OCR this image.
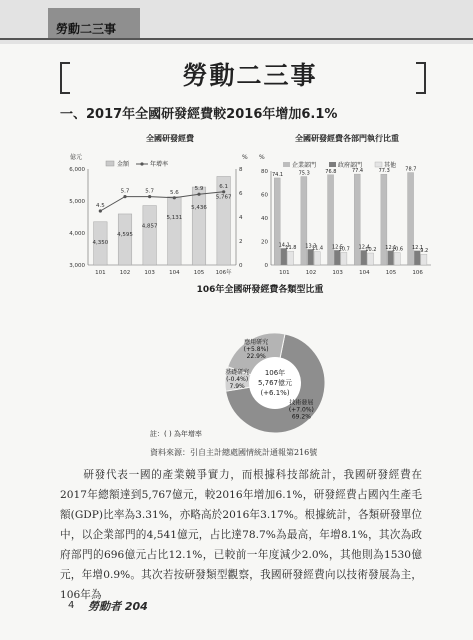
勞動二三事
勞動二三事
一、2017年全國研發經費較2016年增加6.1%
全國研發經費
億元	%
金額	年增率
6,000
5,000
4,000
3,000
8
6
4
2
0
4,350
101
4,595
102
4,857
103
5,131
104
5,436
105
5,767
106年
4.5
5.7	5.7	5.6
5.9	6.1
全國研發經費各部門執行比重
%
企業部門	政府部門	其他
80
60
40
20
0
74.1
14.1
11.8
101
75.3
13.3
11.4
102
76.8
12.5
10.7
103
77.4
12.4
10.2
104
77.3
12.1
10.6
105
78.7
12.1
9.2
106
106年全國研發經費各類型比重
106年
5,767億元
(+6.1%)
技術發展
(+7.0%)
69.2%
基礎研究
(-0.4%)
7.9%
應用研究
(+5.8%)
22.9%
註：( ) 為年增率
資料來源：引自主計總處國情統計通報第216號

研發代表一國的產業競爭實力，而根據科技部統計，我國研發經費在2017年總額達到5,767億元，較2016年增加6.1%，研發經費占國內生產毛額(GDP)比率為3.31%，亦略高於2016年3.17%。根據統計，各類研發單位中，以企業部門的4,541億元，占比達78.7%為最高，年增8.1%，其次為政府部門的696億元占比12.1%，已較前一年度減少2.0%，其他則為1530億元，年增0.9%。其次若按研發類型觀察，我國研發經費向以技術發展為主，106年為

4 勞動者 204
